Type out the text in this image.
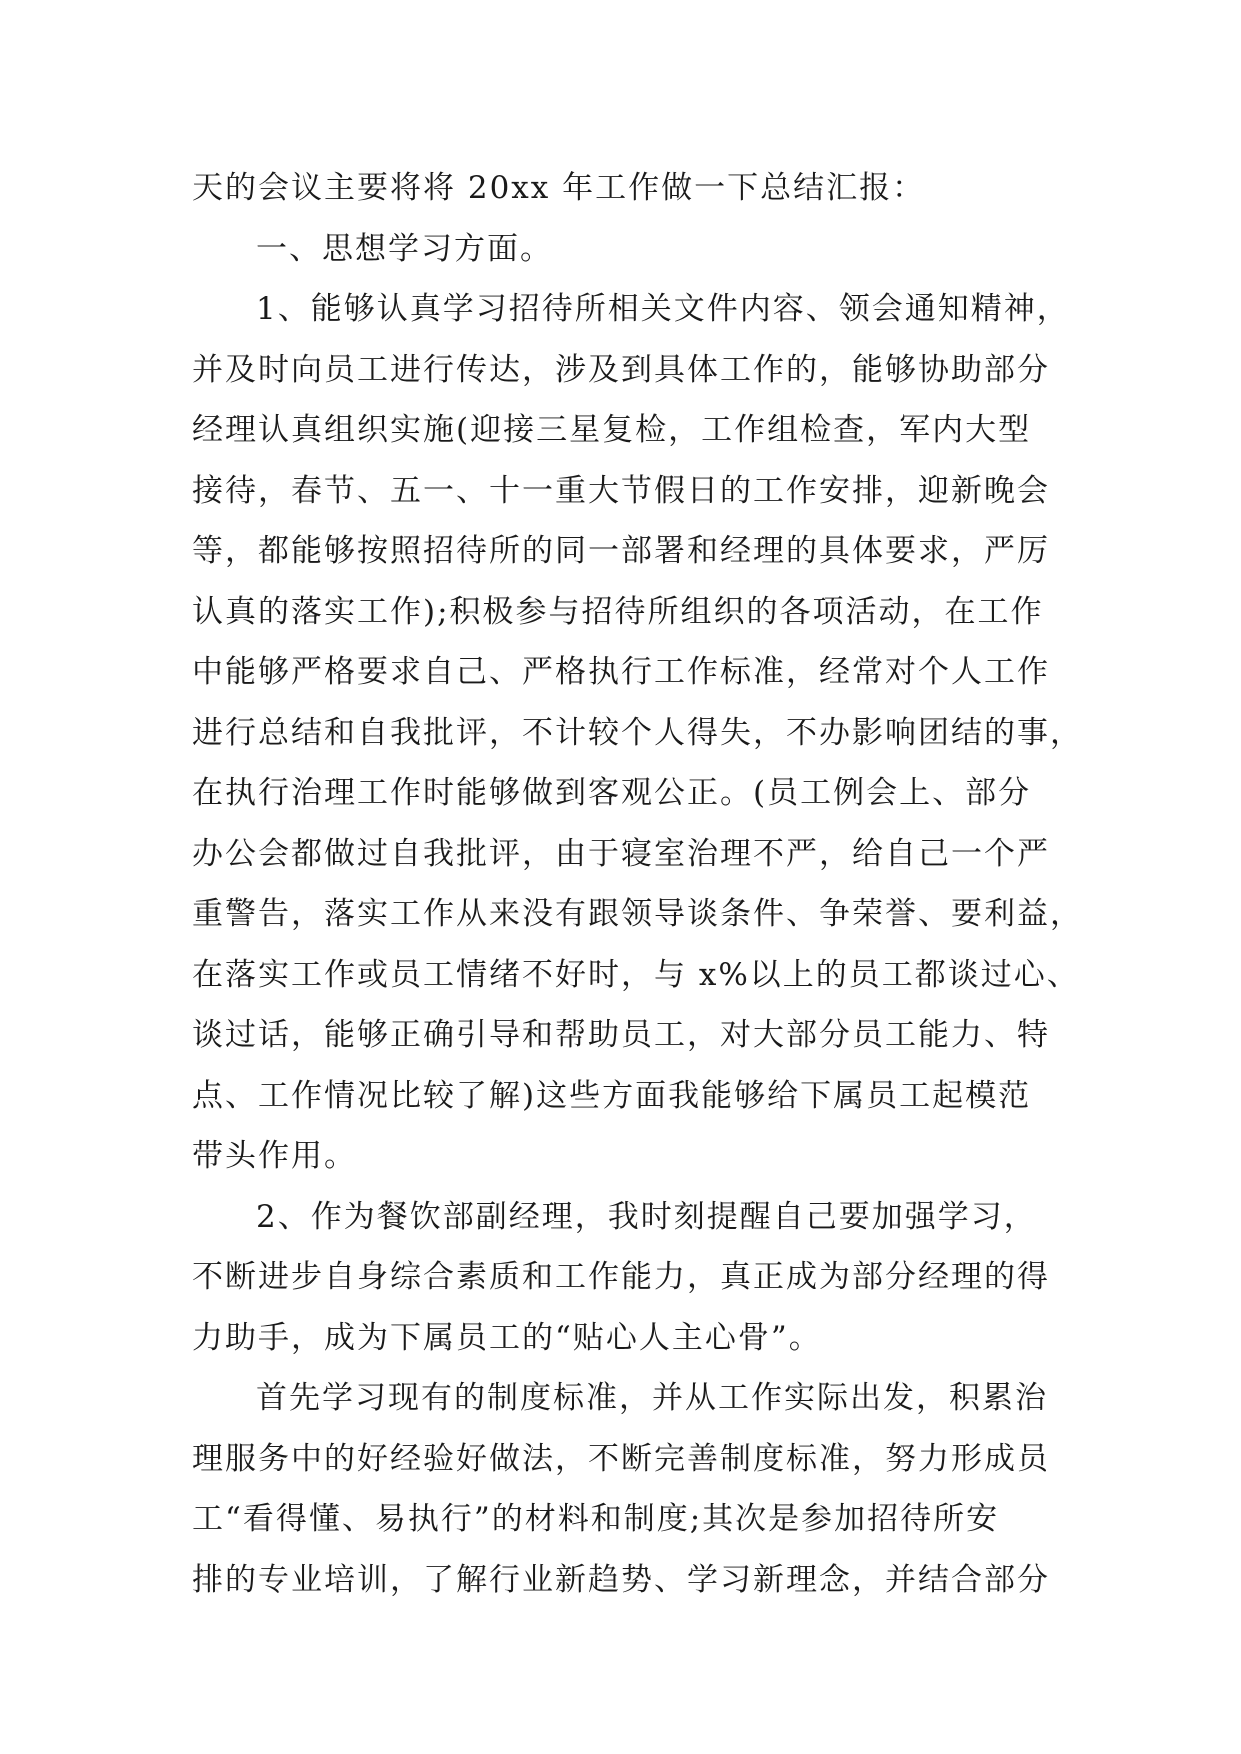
天的会议主要将将 20xx 年工作做一下总结汇报：
一、思想学习方面。
1、能够认真学习招待所相关文件内容、领会通知精神，
并及时向员工进行传达，涉及到具体工作的，能够协助部分
经理认真组织实施(迎接三星复检，工作组检查，军内大型
接待，春节、五一、十一重大节假日的工作安排，迎新晚会
等，都能够按照招待所的同一部署和经理的具体要求，严厉
认真的落实工作);积极参与招待所组织的各项活动，在工作
中能够严格要求自己、严格执行工作标准，经常对个人工作
进行总结和自我批评，不计较个人得失，不办影响团结的事，
在执行治理工作时能够做到客观公正。(员工例会上、部分
办公会都做过自我批评，由于寝室治理不严，给自己一个严
重警告，落实工作从来没有跟领导谈条件、争荣誉、要利益，
在落实工作或员工情绪不好时，与 x%以上的员工都谈过心、
谈过话，能够正确引导和帮助员工，对大部分员工能力、特
点、工作情况比较了解)这些方面我能够给下属员工起模范
带头作用。
2、作为餐饮部副经理，我时刻提醒自己要加强学习，
不断进步自身综合素质和工作能力，真正成为部分经理的得
力助手，成为下属员工的“贴心人主心骨”。
首先学习现有的制度标准，并从工作实际出发，积累治
理服务中的好经验好做法，不断完善制度标准，努力形成员
工“看得懂、易执行”的材料和制度;其次是参加招待所安
排的专业培训，了解行业新趋势、学习新理念，并结合部分
